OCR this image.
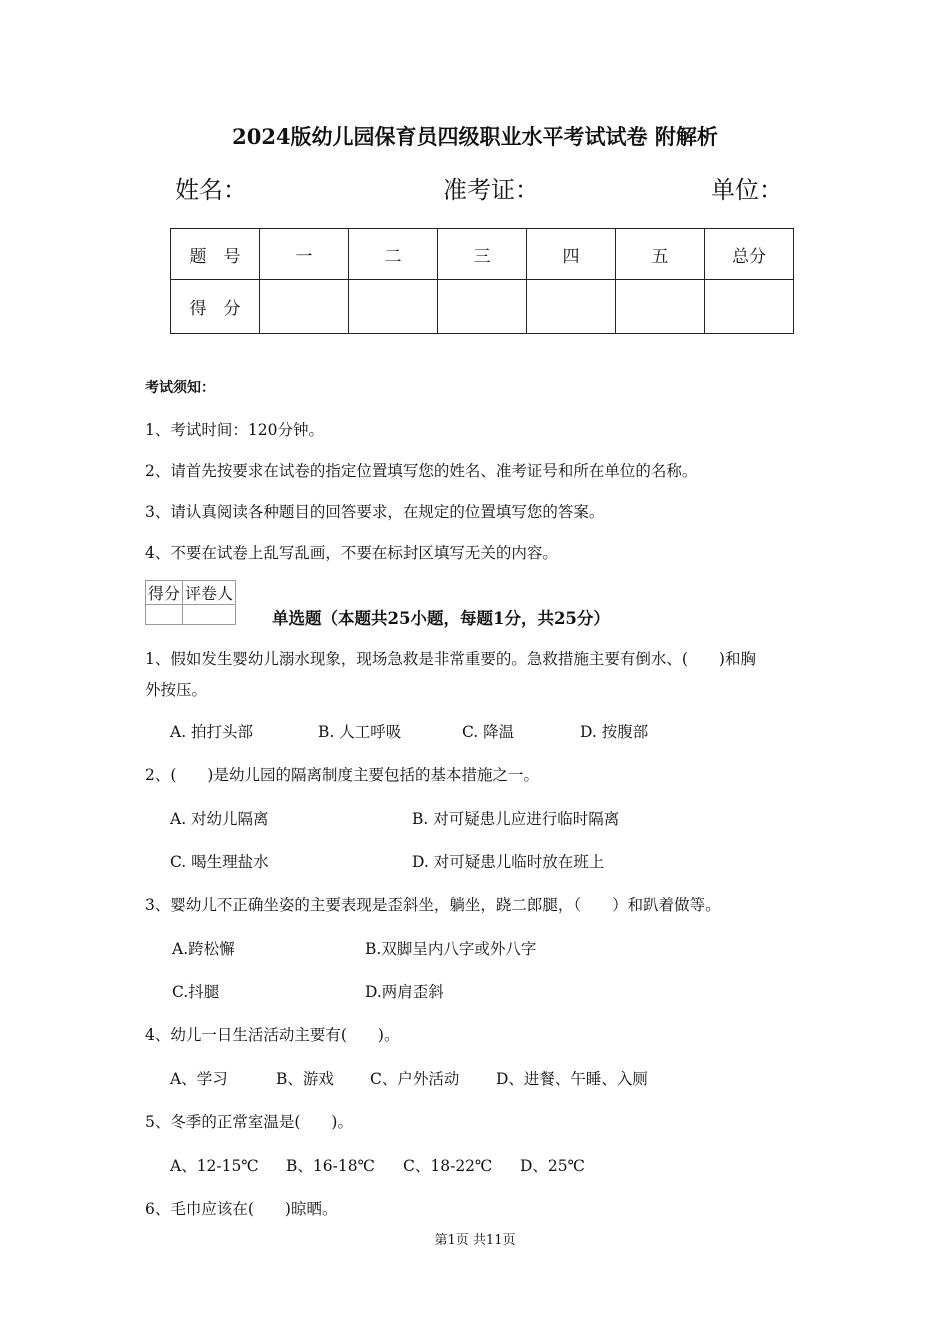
2024版幼儿园保育员四级职业水平考试试卷 附解析
姓名：	准考证：	单位：
题　号	一	二	三	四	五	总分
得　分						
考试须知：
1、考试时间：120分钟。
2、请首先按要求在试卷的指定位置填写您的姓名、准考证号和所在单位的名称。
3、请认真阅读各种题目的回答要求，在规定的位置填写您的答案。
4、不要在试卷上乱写乱画，不要在标封区填写无关的内容。
得分	评卷人

单选题（本题共25小题，每题1分，共25分）
1、假如发生婴幼儿溺水现象，现场急救是非常重要的。急救措施主要有倒水、(　　)和胸
外按压。
A. 拍打头部	B. 人工呼吸	C. 降温	D. 按腹部
2、(　　)是幼儿园的隔离制度主要包括的基本措施之一。
A. 对幼儿隔离	B. 对可疑患儿应进行临时隔离
C. 喝生理盐水	D. 对可疑患儿临时放在班上
3、婴幼儿不正确坐姿的主要表现是歪斜坐，躺坐，跷二郎腿，（　　）和趴着做等。
A.跨松懈	B.双脚呈内八字或外八字
C.抖腿	D.两肩歪斜
4、幼儿一日生活活动主要有(　　)。
A、学习	B、游戏 C、户外活动 D、进餐、午睡、入厕
5、冬季的正常室温是(　　)。
A、12-15℃ B、16-18℃ C、18-22℃ D、25℃
6、毛巾应该在(　　)晾晒。
第1页 共11页
